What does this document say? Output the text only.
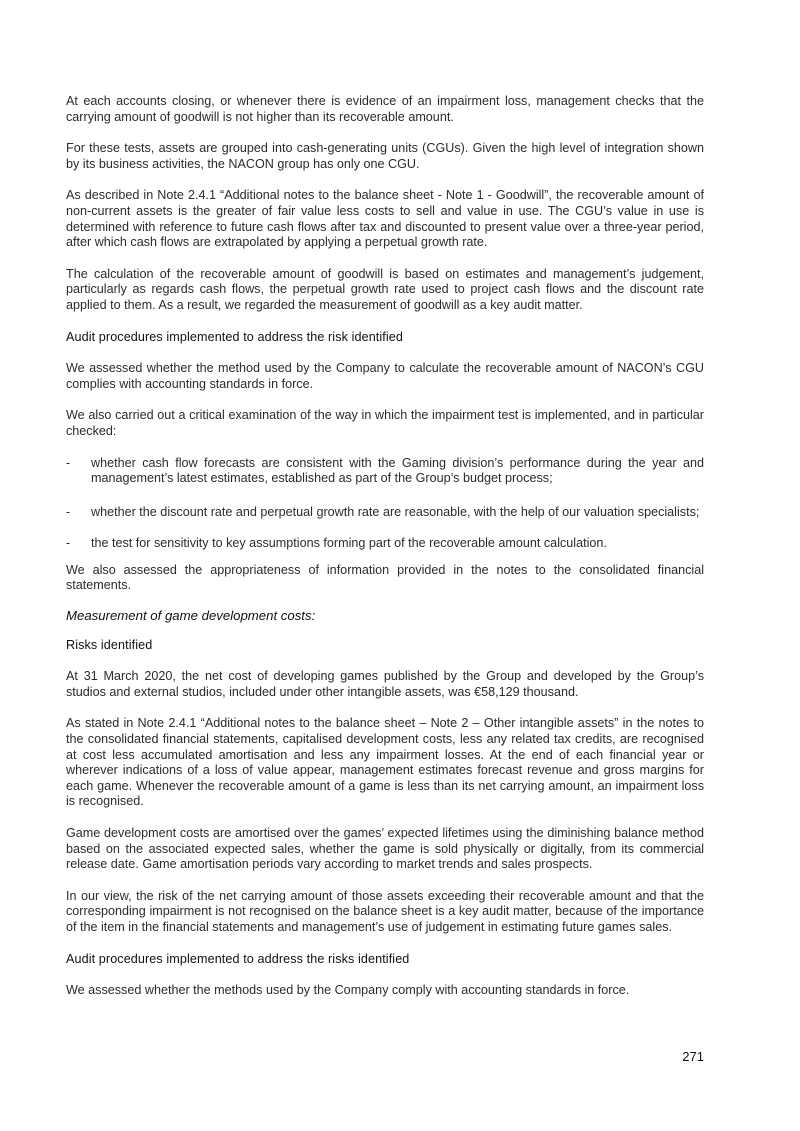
At each accounts closing, or whenever there is evidence of an impairment loss, management checks that the carrying amount of goodwill is not higher than its recoverable amount.

For these tests, assets are grouped into cash-generating units (CGUs). Given the high level of integration shown by its business activities, the NACON group has only one CGU.

As described in Note 2.4.1 “Additional notes to the balance sheet - Note 1 - Goodwill”, the recoverable amount of non-current assets is the greater of fair value less costs to sell and value in use. The CGU’s value in use is determined with reference to future cash flows after tax and discounted to present value over a three-year period, after which cash flows are extrapolated by applying a perpetual growth rate.

The calculation of the recoverable amount of goodwill is based on estimates and management’s judgement, particularly as regards cash flows, the perpetual growth rate used to project cash flows and the discount rate applied to them. As a result, we regarded the measurement of goodwill as a key audit matter.

Audit procedures implemented to address the risk identified

We assessed whether the method used by the Company to calculate the recoverable amount of NACON’s CGU complies with accounting standards in force.

We also carried out a critical examination of the way in which the impairment test is implemented, and in particular checked:

- whether cash flow forecasts are consistent with the Gaming division’s performance during the year and management’s latest estimates, established as part of the Group’s budget process;
- whether the discount rate and perpetual growth rate are reasonable, with the help of our valuation specialists;
- the test for sensitivity to key assumptions forming part of the recoverable amount calculation.

We also assessed the appropriateness of information provided in the notes to the consolidated financial statements.

Measurement of game development costs:

Risks identified

At 31 March 2020, the net cost of developing games published by the Group and developed by the Group’s studios and external studios, included under other intangible assets, was €58,129 thousand.

As stated in Note 2.4.1 “Additional notes to the balance sheet – Note 2 – Other intangible assets” in the notes to the consolidated financial statements, capitalised development costs, less any related tax credits, are recognised at cost less accumulated amortisation and less any impairment losses. At the end of each financial year or wherever indications of a loss of value appear, management estimates forecast revenue and gross margins for each game. Whenever the recoverable amount of a game is less than its net carrying amount, an impairment loss is recognised.

Game development costs are amortised over the games’ expected lifetimes using the diminishing balance method based on the associated expected sales, whether the game is sold physically or digitally, from its commercial release date. Game amortisation periods vary according to market trends and sales prospects.

In our view, the risk of the net carrying amount of those assets exceeding their recoverable amount and that the corresponding impairment is not recognised on the balance sheet is a key audit matter, because of the importance of the item in the financial statements and management’s use of judgement in estimating future games sales.

Audit procedures implemented to address the risks identified

We assessed whether the methods used by the Company comply with accounting standards in force.

271
